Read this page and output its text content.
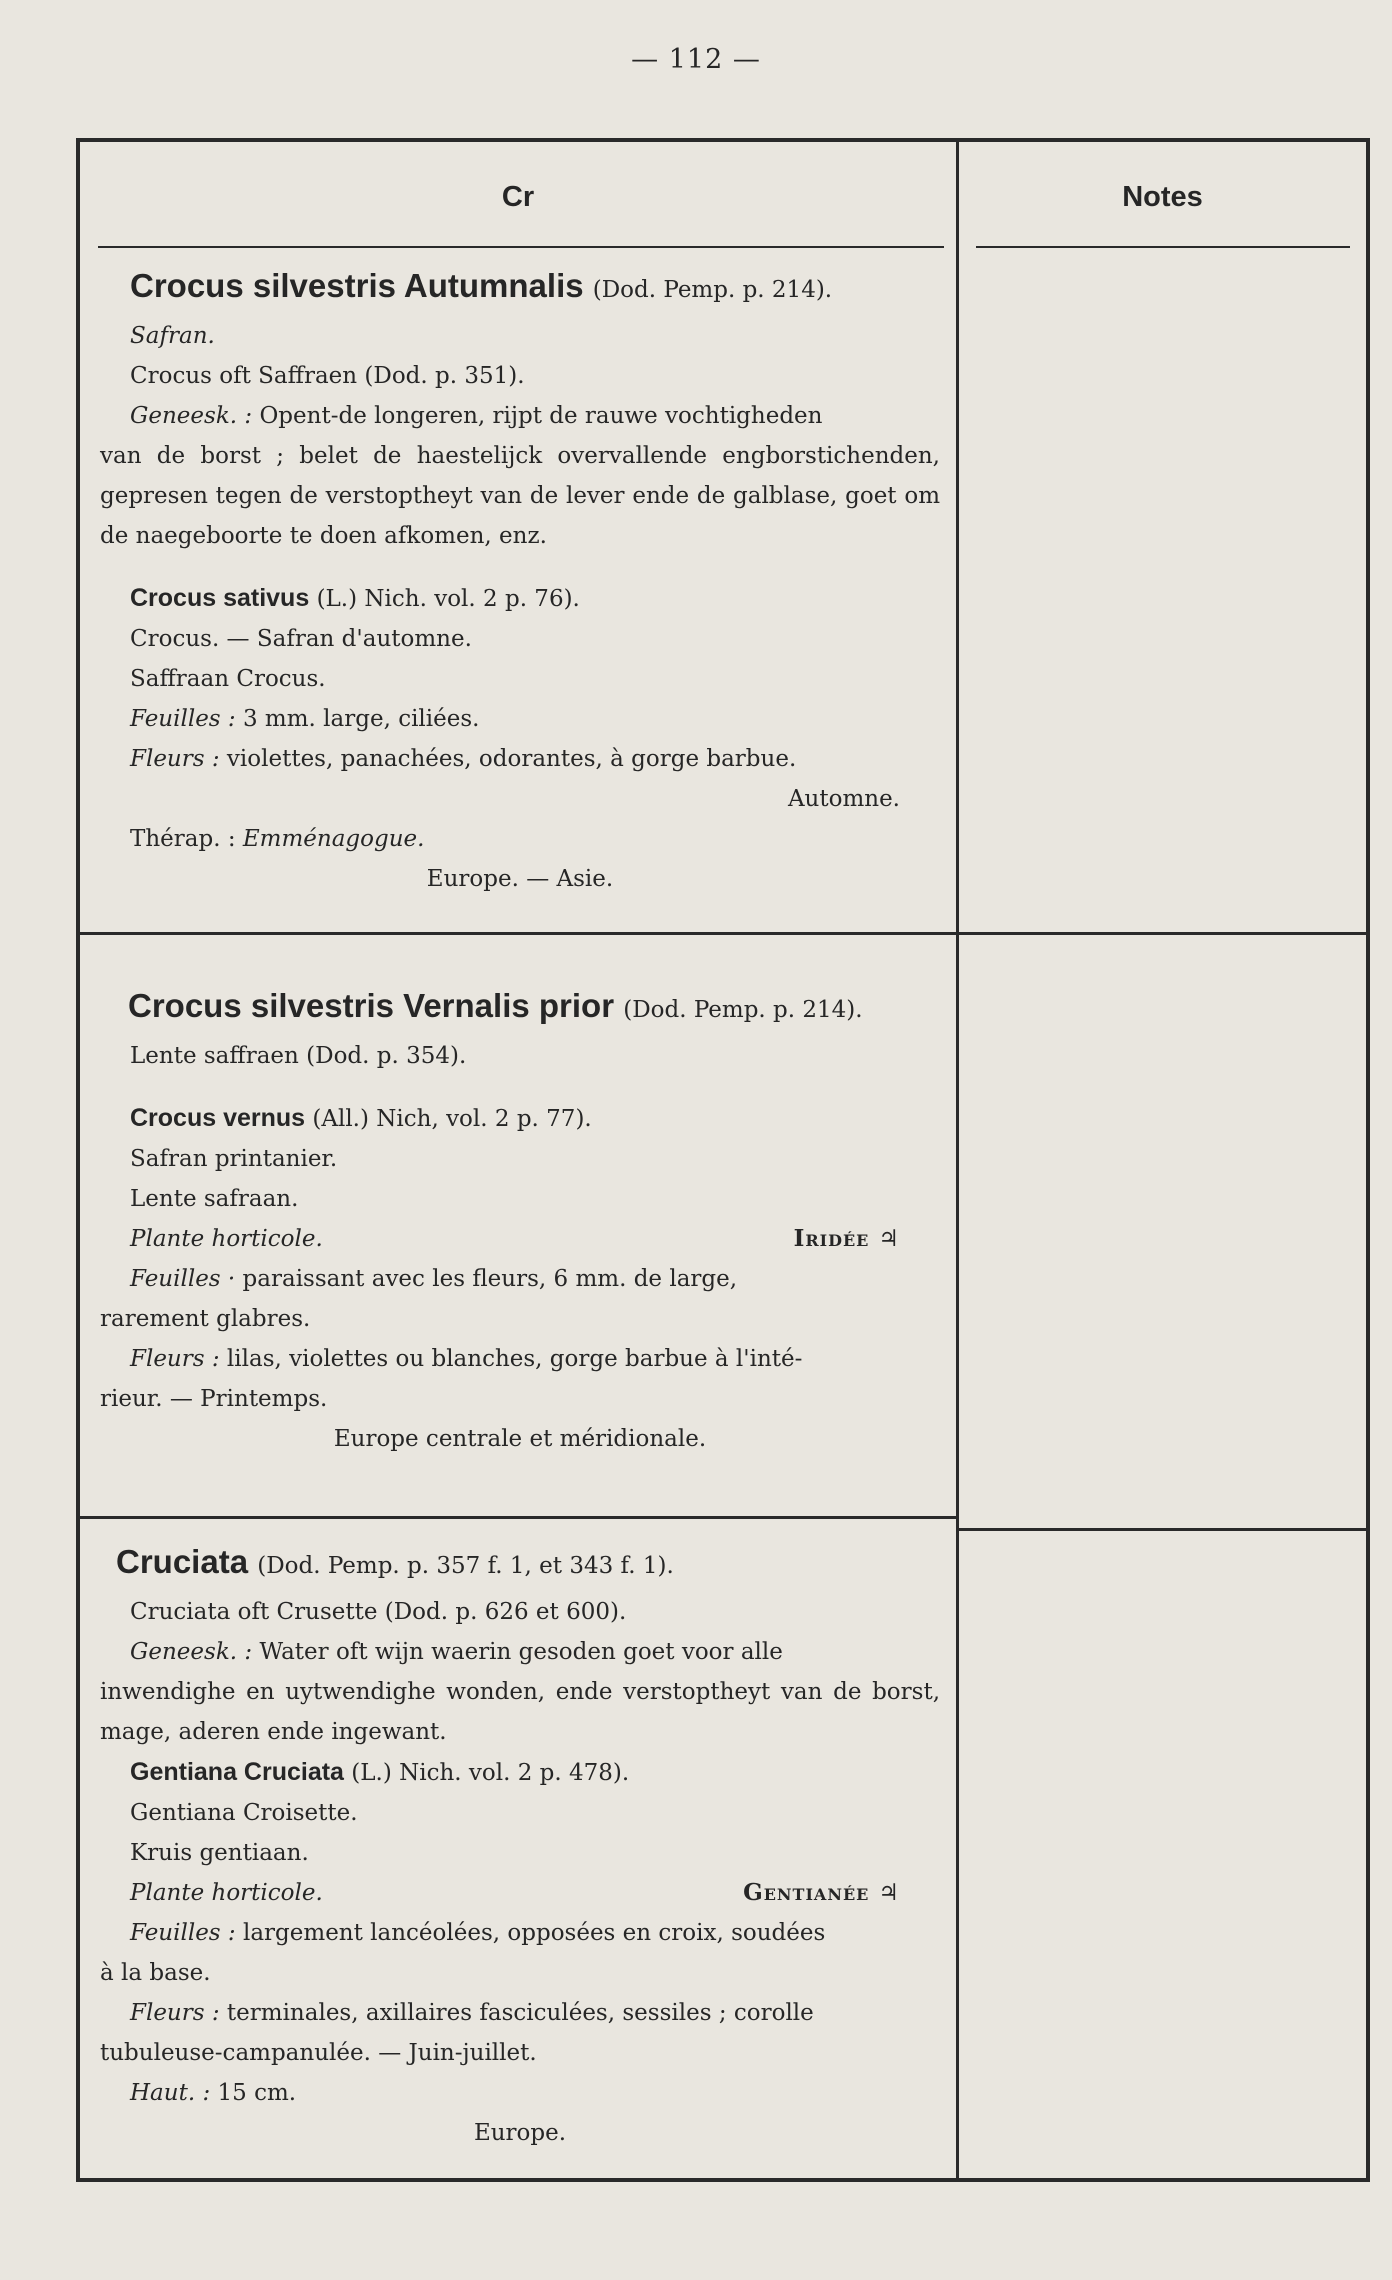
— 112 —
Cr	Notes

Crocus silvestris Autumnalis (Dod. Pemp. p. 214).

Safran.

Crocus oft Saffraen (Dod. p. 351).

Geneesk. : Opent-de longeren, rijpt de rauwe vochtigheden

van de borst ; belet de haestelijck overvallende engborstichenden, gepresen tegen de verstoptheyt van de lever ende de galblase, goet om de naegeboorte te doen afkomen, enz.

Crocus sativus (L.) Nich. vol. 2 p. 76).

Crocus. — Safran d'automne.

Saffraan Crocus.

Feuilles : 3 mm. large, ciliées.

Fleurs : violettes, panachées, odorantes, à gorge barbue.

Automne.

Thérap. : Emménagogue.

Europe. — Asie.

Crocus silvestris Vernalis prior (Dod. Pemp. p. 214).

Lente saffraen (Dod. p. 354).

Crocus vernus (All.) Nich, vol. 2 p. 77).

Safran printanier.

Lente safraan.

Plante horticole.	Iridée ♃

Feuilles · paraissant avec les fleurs, 6 mm. de large,

rarement glabres.

Fleurs : lilas, violettes ou blanches, gorge barbue à l'inté-

rieur. — Printemps.

Europe centrale et méridionale.

Cruciata (Dod. Pemp. p. 357 f. 1, et 343 f. 1).

Cruciata oft Crusette (Dod. p. 626 et 600).

Geneesk. : Water oft wijn waerin gesoden goet voor alle

inwendighe en uytwendighe wonden, ende verstoptheyt van de borst, mage, aderen ende ingewant.

Gentiana Cruciata (L.) Nich. vol. 2 p. 478).

Gentiana Croisette.

Kruis gentiaan.

Plante horticole.	Gentianée ♃

Feuilles : largement lancéolées, opposées en croix, soudées

à la base.

Fleurs : terminales, axillaires fasciculées, sessiles ; corolle

tubuleuse-campanulée. — Juin-juillet.

Haut. : 15 cm.

Europe.
